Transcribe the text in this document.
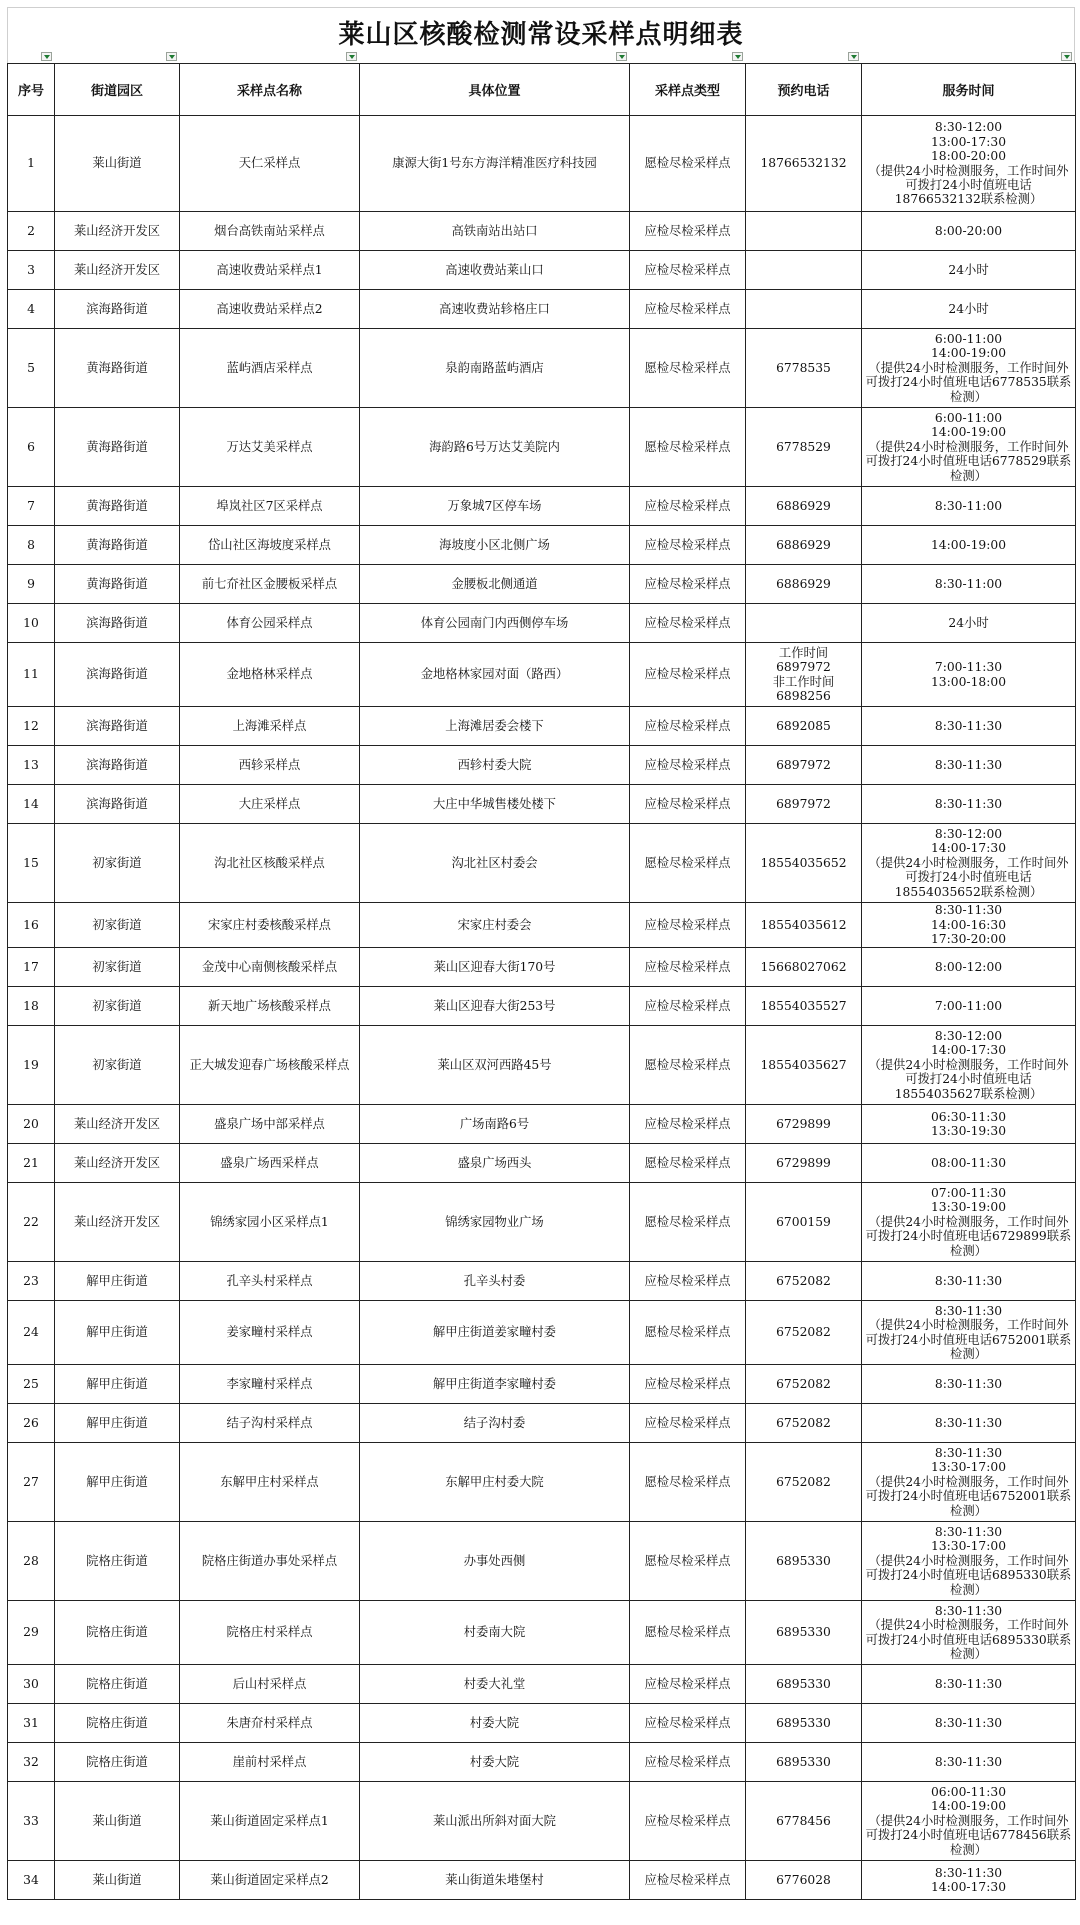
莱山区核酸检测常设采样点明细表
序号	街道园区	采样点名称	具体位置	采样点类型	预约电话	服务时间
1	莱山街道	天仁采样点	康源大街1号东方海洋精准医疗科技园	愿检尽检采样点	18766532132	8:30-12:00
13:00-17:30
18:00-20:00
（提供24小时检测服务，工作时间外可拨打24小时值班电话18766532132联系检测）
2	莱山经济开发区	烟台高铁南站采样点	高铁南站出站口	应检尽检采样点		8:00-20:00
3	莱山经济开发区	高速收费站采样点1	高速收费站莱山口	应检尽检采样点		24小时
4	滨海路街道	高速收费站采样点2	高速收费站轸格庄口	应检尽检采样点		24小时
5	黄海路街道	蓝屿酒店采样点	泉韵南路蓝屿酒店	愿检尽检采样点	6778535	6:00-11:00
14:00-19:00
（提供24小时检测服务，工作时间外可拨打24小时值班电话6778535联系检测）
6	黄海路街道	万达艾美采样点	海韵路6号万达艾美院内	愿检尽检采样点	6778529	6:00-11:00
14:00-19:00
（提供24小时检测服务，工作时间外可拨打24小时值班电话6778529联系检测）
7	黄海路街道	埠岚社区7区采样点	万象城7区停车场	应检尽检采样点	6886929	8:30-11:00
8	黄海路街道	岱山社区海坡度采样点	海坡度小区北侧广场	应检尽检采样点	6886929	14:00-19:00
9	黄海路街道	前七夼社区金腰板采样点	金腰板北侧通道	应检尽检采样点	6886929	8:30-11:00
10	滨海路街道	体育公园采样点	体育公园南门内西侧停车场	应检尽检采样点		24小时
11	滨海路街道	金地格林采样点	金地格林家园对面（路西）	应检尽检采样点	工作时间
6897972
非工作时间
6898256	7:00-11:30
13:00-18:00
12	滨海路街道	上海滩采样点	上海滩居委会楼下	应检尽检采样点	6892085	8:30-11:30
13	滨海路街道	西轸采样点	西轸村委大院	应检尽检采样点	6897972	8:30-11:30
14	滨海路街道	大庄采样点	大庄中华城售楼处楼下	应检尽检采样点	6897972	8:30-11:30
15	初家街道	沟北社区核酸采样点	沟北社区村委会	愿检尽检采样点	18554035652	8:30-12:00
14:00-17:30
（提供24小时检测服务，工作时间外可拨打24小时值班电话18554035652联系检测）
16	初家街道	宋家庄村委核酸采样点	宋家庄村委会	应检尽检采样点	18554035612	8:30-11:30
14:00-16:30
17:30-20:00
17	初家街道	金茂中心南侧核酸采样点	莱山区迎春大街170号	应检尽检采样点	15668027062	8:00-12:00
18	初家街道	新天地广场核酸采样点	莱山区迎春大街253号	应检尽检采样点	18554035527	7:00-11:00
19	初家街道	正大城发迎春广场核酸采样点	莱山区双河西路45号	愿检尽检采样点	18554035627	8:30-12:00
14:00-17:30
（提供24小时检测服务，工作时间外可拨打24小时值班电话18554035627联系检测）
20	莱山经济开发区	盛泉广场中部采样点	广场南路6号	应检尽检采样点	6729899	06:30-11:30
13:30-19:30
21	莱山经济开发区	盛泉广场西采样点	盛泉广场西头	愿检尽检采样点	6729899	08:00-11:30
22	莱山经济开发区	锦绣家园小区采样点1	锦绣家园物业广场	愿检尽检采样点	6700159	07:00-11:30
13:30-19:00
（提供24小时检测服务，工作时间外可拨打24小时值班电话6729899联系检测）
23	解甲庄街道	孔辛头村采样点	孔辛头村委	应检尽检采样点	6752082	8:30-11:30
24	解甲庄街道	姜家疃村采样点	解甲庄街道姜家疃村委	愿检尽检采样点	6752082	8:30-11:30
（提供24小时检测服务，工作时间外可拨打24小时值班电话6752001联系检测）
25	解甲庄街道	李家疃村采样点	解甲庄街道李家疃村委	应检尽检采样点	6752082	8:30-11:30
26	解甲庄街道	结子沟村采样点	结子沟村委	应检尽检采样点	6752082	8:30-11:30
27	解甲庄街道	东解甲庄村采样点	东解甲庄村委大院	愿检尽检采样点	6752082	8:30-11:30
13:30-17:00
（提供24小时检测服务，工作时间外可拨打24小时值班电话6752001联系检测）
28	院格庄街道	院格庄街道办事处采样点	办事处西侧	愿检尽检采样点	6895330	8:30-11:30
13:30-17:00
（提供24小时检测服务，工作时间外可拨打24小时值班电话6895330联系检测）
29	院格庄街道	院格庄村采样点	村委南大院	愿检尽检采样点	6895330	8:30-11:30
（提供24小时检测服务，工作时间外可拨打24小时值班电话6895330联系检测）
30	院格庄街道	后山村采样点	村委大礼堂	应检尽检采样点	6895330	8:30-11:30
31	院格庄街道	朱唐夼村采样点	村委大院	应检尽检采样点	6895330	8:30-11:30
32	院格庄街道	崖前村采样点	村委大院	应检尽检采样点	6895330	8:30-11:30
33	莱山街道	莱山街道固定采样点1	莱山派出所斜对面大院	应检尽检采样点	6778456	06:00-11:30
14:00-19:00
（提供24小时检测服务，工作时间外可拨打24小时值班电话6778456联系检测）
34	莱山街道	莱山街道固定采样点2	莱山街道朱塂堡村	应检尽检采样点	6776028	8:30-11:30
14:00-17:30
